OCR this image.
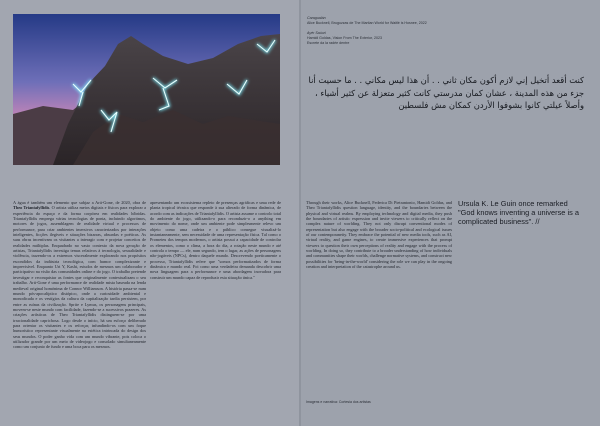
Caragualán
Alice Bucknell, Bruguzzas de The Martian World for Waitlé is Hosnee, 2022
Ayér Saúuri
Hamidi Goldas, Vision From The Exterior, 2023
Escrete da la radée dentre
كنت أقعد أتخيل إني لازم أكون مكان ثاني . . أن هذا ليس مكاني . . ما حسيت أنا جزء من هذه المدينة ، عشان كمان مدرستي كانت كثير متعزلة عن كثير أشياء ، وأصلاً عيلتي كانوا بشوفوا الأردن كمكان مش فلسطين
A água é também um elemento que subjaz a Arti-Gone, de 2020, obra de Theo Triantafyllidis. O artista utiliza meios digitais e físicos para explorar a experiência do espaço e da forma corpórea em realidades híbridas. Triantafyllidis emprega várias tecnologias de ponta, incluindo algoritmos, motores de jogos, assemblagem de realidade virtual e processos de performance, para criar ambientes imersivos caracterizados por interações inteligentes, ficções ilegíveis e situações bizarras, absurdas e poéticas. As suas obras incentivam os visitantes a interagir com e projetar conceitos de realidades múltiplas. Enquadrado no vasto contexto da nova geração de artistas, Triantafyllidis investiga temas relativos à tecnologia, sexualidade e violência, trazendo-os a extremos visceralmente explorando nos propósitos escondidos da indústria tecnológica, com humor complexizante e imprevisível. Enquanto Uri Y, Kashi, estudos de mesmos um colaborador e participativo na visão das comunidades online e do jogo. O trabalho pretende investigar e reconquistar as fontes que originalmente contextualizam o seu trabalho. Arti-Gone é uma performance de realidade mista baseada na lenda medieval original homónima de Connor Williamson. A história passa-se num mundo pós-apocalíptico distópico, onde a curiosidade ambiental e monodicada e os vestígios da cultura da capitalização tardia persistem, por entre as ruínas da civilização. Sprite e Lymus, os personagens principais, movem-se neste mundo com facilidade, fazendo-se a sucessivos prazeres. As criações artísticas de Theo Triantafyllidis distinguem-se por uma irracionalidade caprichosa. Logo desde o início, há um esforço deliberado para orientar os visitantes e os reforçar, infundindo-os com um foque humorístico representante visualmente na estética intrincada do design dos seus mundos. O poder ganho vida com um mundo vibrante, pois coloca o utilizador grande por um meio de videojogo e consolado simultaneamente como um conjunto de fundo e uma boca para os mesmos.
apresentando um ecossistema repleto de presenças agráficas e uma rede de planta tropical técnica que responde à sua alterado de forma dinâmica, de acordo com as indicações de Triantafyllidis. O artista assume o controlo total do ambiente do jogo, utilizando-o para reconduzir-o a anything em movimento do nome, onde um ambiente pode simplesmente relevo um objeto como uma cadeira e o público consegue visualizá-lo instantaneamente, sem necessidade de uma representação física. Tal como o Prometeu dos tempos modernos, o artista possui a capacidade de controlar os elementos, como o clima, a hora do dia, a rotação neste mundo e até controla o tempo — ele, num segundo, tem o lugar, as ações de personagens não-jogáveis (NPCs), dentro daquele mundo. Descrevendo poeticamente o processo, Triantafyllidis refere que "somos performatizados de forma dinâmica e mundo real. Foi como uma verdadeira demanda descobrir uma nova linguagem para a performance e uma abordagem inovadora para construir um mundo capaz de reproduzir esta situação única."
Through their works, Alice Bucknell, Federica Di Pietrantonio, Hamidi Goldas, and Theo Triantafyllidis question language, identity, and the boundaries between the physical and virtual realms. By employing technology and digital media, they push the boundaries of artistic expression and invite viewers to critically reflect on the complex nature of worlding. They not only disrupt conventional modes of representation but also engage with the broader socio-political and ecological issues of our contemporaneity. They embrace the potential of new media tools, such as AI, virtual reality, and game engines, to create immersive experiences that prompt viewers to question their own perceptions of reality and engage with the process of worlding. In doing so, they contribute to a broader understanding of how individuals and communities shape their worlds, challenge normative systems, and construct new possibilities for 'being-in-the-world' considering the role we can play in the ongoing creation and interpretation of the catastrophe around us.
Ursula K. Le Guin once remarked "God knows inventing a universe is a complicated business". //
Imagens e narrativa: Cortesia dos artistas
